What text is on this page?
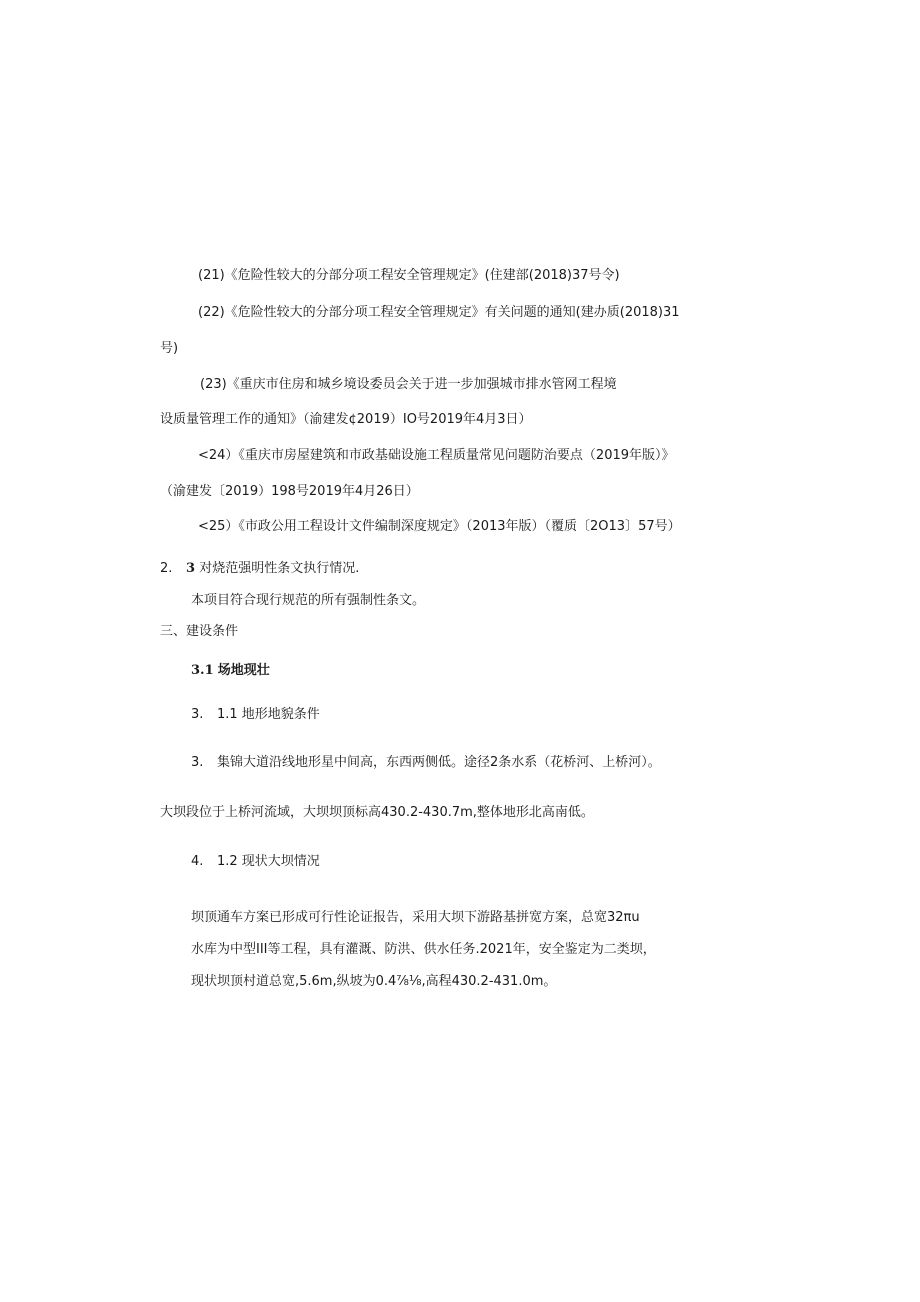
(21)《危险性较大的分部分项工程安全管理规定》(住建部(2018)37号令)
(22)《危险性较大的分部分项工程安全管理规定》有关问题的通知(建办质(2018)31
号)
(23)《重庆市住房和城乡境设委员会关于进一步加强城市排水管网工程境
设质量管理工作的通知》（渝建发¢2019）IO号2019年4月3日）
<24）《重庆市房屋建筑和市政基础设施工程质量常见问题防治要点（2019年版）》
（渝建发〔2019）198号2019年4月26日）
<25）《市政公用工程设计文件编制深度规定》（2013年版）（覆质〔2O13〕57号）
2. 3 对烧范强明性条文执行情况.
本项目符合现行规范的所有强制性条文。
三、建设条件
3.1 场地现壮
3. 1.1 地形地貌条件
3. 集锦大道沿线地形星中间高，东西两侧低。途径2条水系（花桥河、上桥河）。
大坝段位于上桥河流域，大坝坝顶标高430.2-430.7m,整体地形北高南低。
4. 1.2 现状大坝情况
坝顶通车方案已形成可行性论证报告，采用大坝下游路基拼宽方案，总宽32πu
水库为中型III等工程，具有灌溉、防洪、供水任务.2021年，安全鉴定为二类坝，
现状坝顶村道总宽,5.6m,纵坡为0.4⅞⅛,高程430.2-431.0m。
